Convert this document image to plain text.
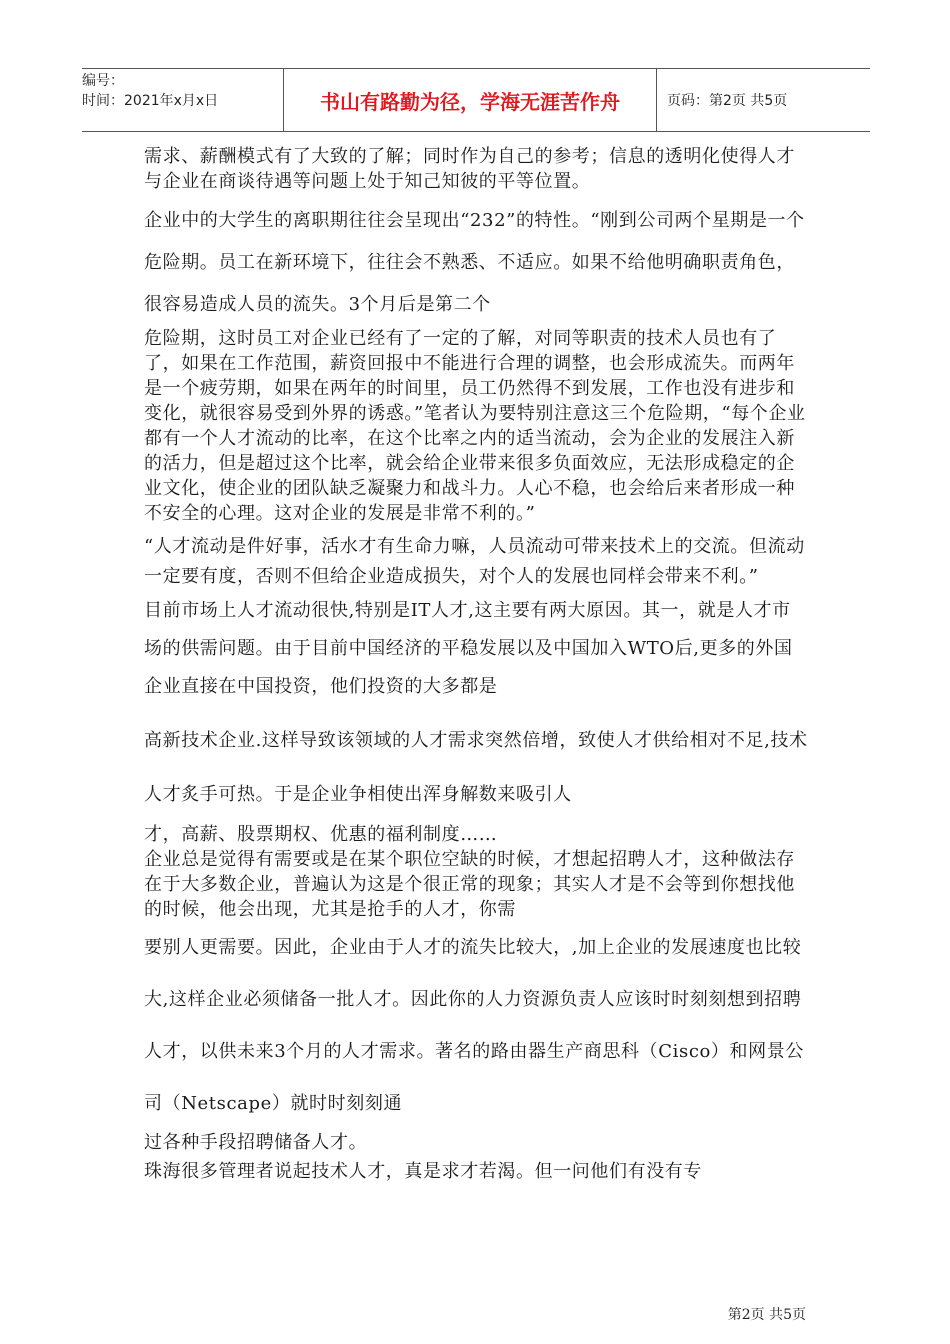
编号：
时间：2021年x月x日	书山有路勤为径，学海无涯苦作舟	页码：第2页 共5页

需求、薪酬模式有了大致的了解；同时作为自己的参考；信息的透明化使得人才与企业在商谈待遇等问题上处于知己知彼的平等位置。

企业中的大学生的离职期往往会呈现出“232”的特性。“刚到公司两个星期是一个危险期。员工在新环境下，往往会不熟悉、不适应。如果不给他明确职责角色，很容易造成人员的流失。3个月后是第二个

危险期，这时员工对企业已经有了一定的了解，对同等职责的技术人员也有了了，如果在工作范围，薪资回报中不能进行合理的调整，也会形成流失。而两年是一个疲劳期，如果在两年的时间里，员工仍然得不到发展，工作也没有进步和变化，就很容易受到外界的诱惑。”笔者认为要特别注意这三个危险期，“每个企业都有一个人才流动的比率，在这个比率之内的适当流动，会为企业的发展注入新的活力，但是超过这个比率，就会给企业带来很多负面效应，无法形成稳定的企业文化，使企业的团队缺乏凝聚力和战斗力。人心不稳，也会给后来者形成一种不安全的心理。这对企业的发展是非常不利的。”

“人才流动是件好事，活水才有生命力嘛，人员流动可带来技术上的交流。但流动一定要有度，否则不但给企业造成损失，对个人的发展也同样会带来不利。”

目前市场上人才流动很快,特别是IT人才,这主要有两大原因。其一，就是人才市场的供需问题。由于目前中国经济的平稳发展以及中国加入WTO后,更多的外国企业直接在中国投资，他们投资的大多都是

高新技术企业.这样导致该领域的人才需求突然倍增，致使人才供给相对不足,技术人才炙手可热。于是企业争相使出浑身解数来吸引人

才，高薪、股票期权、优惠的福利制度……

企业总是觉得有需要或是在某个职位空缺的时候，才想起招聘人才，这种做法存在于大多数企业，普遍认为这是个很正常的现象；其实人才是不会等到你想找他的时候，他会出现，尤其是抢手的人才，你需

要别人更需要。因此，企业由于人才的流失比较大，,加上企业的发展速度也比较大,这样企业必须储备一批人才。因此你的人力资源负责人应该时时刻刻想到招聘人才，以供未来3个月的人才需求。著名的路由器生产商思科（Cisco）和网景公司（Netscape）就时时刻刻通

过各种手段招聘储备人才。

珠海很多管理者说起技术人才，真是求才若渴。但一问他们有没有专

第2页 共5页
